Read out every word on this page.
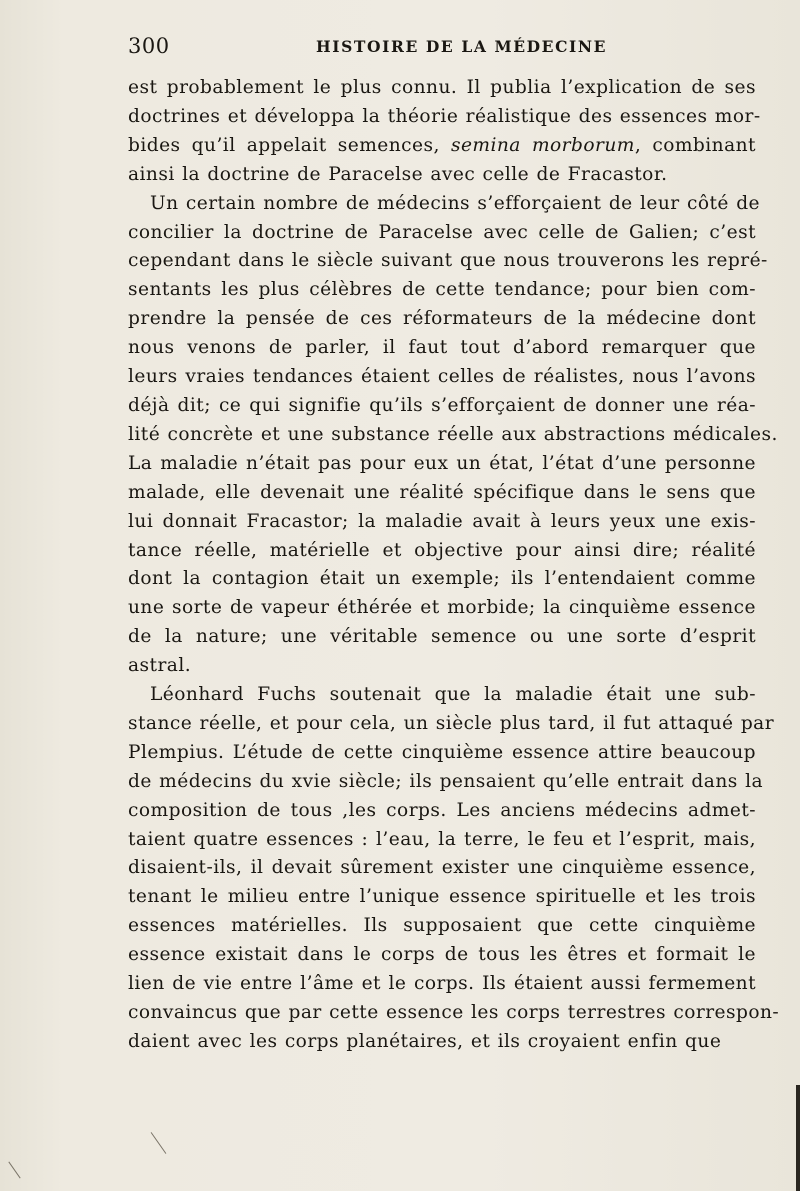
300	HISTOIRE DE LA MÉDECINE

est probablement le plus connu. Il publia l’explication de ses
doctrines et développa la théorie réalistique des essences mor-
bides qu’il appelait semences, semina morborum, combinant
ainsi la doctrine de Paracelse avec celle de Fracastor.

Un certain nombre de médecins s’efforçaient de leur côté de
concilier la doctrine de Paracelse avec celle de Galien; c’est
cependant dans le siècle suivant que nous trouverons les repré-
sentants les plus célèbres de cette tendance; pour bien com-
prendre la pensée de ces réformateurs de la médecine dont
nous venons de parler, il faut tout d’abord remarquer que
leurs vraies tendances étaient celles de réalistes, nous l’avons
déjà dit; ce qui signifie qu’ils s’efforçaient de donner une réa-
lité concrète et une substance réelle aux abstractions médicales.
La maladie n’était pas pour eux un état, l’état d’une personne
malade, elle devenait une réalité spécifique dans le sens que
lui donnait Fracastor; la maladie avait à leurs yeux une exis-
tance réelle, matérielle et objective pour ainsi dire; réalité
dont la contagion était un exemple; ils l’entendaient comme
une sorte de vapeur éthérée et morbide; la cinquième essence
de la nature; une véritable semence ou une sorte d’esprit
astral.

Léonhard Fuchs soutenait que la maladie était une sub-
stance réelle, et pour cela, un siècle plus tard, il fut attaqué par
Plempius. L’étude de cette cinquième essence attire beaucoup
de médecins du xvie siècle; ils pensaient qu’elle entrait dans la
composition de tous ,les corps. Les anciens médecins admet-
taient quatre essences : l’eau, la terre, le feu et l’esprit, mais,
disaient-ils, il devait sûrement exister une cinquième essence,
tenant le milieu entre l’unique essence spirituelle et les trois
essences matérielles. Ils supposaient que cette cinquième
essence existait dans le corps de tous les êtres et formait le
lien de vie entre l’âme et le corps. Ils étaient aussi fermement
convaincus que par cette essence les corps terrestres correspon-
daient avec les corps planétaires, et ils croyaient enfin que
